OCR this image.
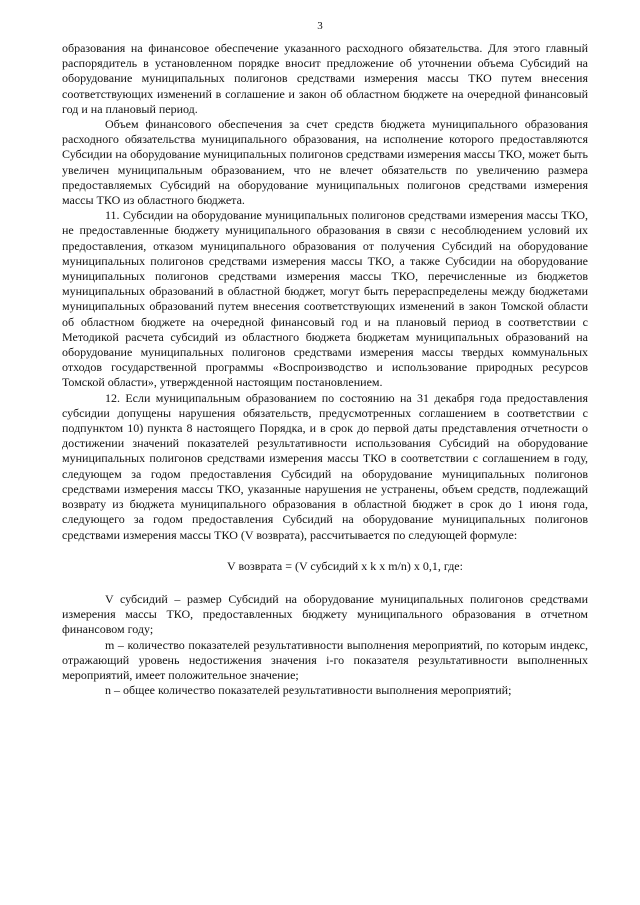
3

образования на финансовое обеспечение указанного расходного обязательства. Для этого главный распорядитель в установленном порядке вносит предложение об уточнении объема Субсидий на оборудование муниципальных полигонов средствами измерения массы ТКО путем внесения соответствующих изменений в соглашение и закон об областном бюджете на очередной финансовый год и на плановый период.

Объем финансового обеспечения за счет средств бюджета муниципального образования расходного обязательства муниципального образования, на исполнение которого предоставляются Субсидии на оборудование муниципальных полигонов средствами измерения массы ТКО, может быть увеличен муниципальным образованием, что не влечет обязательств по увеличению размера предоставляемых Субсидий на оборудование муниципальных полигонов средствами измерения массы ТКО из областного бюджета.

11. Субсидии на оборудование муниципальных полигонов средствами измерения массы ТКО, не предоставленные бюджету муниципального образования в связи с несоблюдением условий их предоставления, отказом муниципального образования от получения Субсидий на оборудование муниципальных полигонов средствами измерения массы ТКО, а также Субсидии на оборудование муниципальных полигонов средствами измерения массы ТКО, перечисленные из бюджетов муниципальных образований в областной бюджет, могут быть перераспределены между бюджетами муниципальных образований путем внесения соответствующих изменений в закон Томской области об областном бюджете на очередной финансовый год и на плановый период в соответствии с Методикой расчета субсидий из областного бюджета бюджетам муниципальных образований на оборудование муниципальных полигонов средствами измерения массы твердых коммунальных отходов государственной программы «Воспроизводство и использование природных ресурсов Томской области», утвержденной настоящим постановлением.

12. Если муниципальным образованием по состоянию на 31 декабря года предоставления субсидии допущены нарушения обязательств, предусмотренных соглашением в соответствии с подпунктом 10) пункта 8 настоящего Порядка, и в срок до первой даты представления отчетности о достижении значений показателей результативности использования Субсидий на оборудование муниципальных полигонов средствами измерения массы ТКО в соответствии с соглашением в году, следующем за годом предоставления Субсидий на оборудование муниципальных полигонов средствами измерения массы ТКО, указанные нарушения не устранены, объем средств, подлежащий возврату из бюджета муниципального образования в областной бюджет в срок до 1 июня года, следующего за годом предоставления Субсидий на оборудование муниципальных полигонов средствами измерения массы ТКО (V возврата), рассчитывается по следующей формуле:

V возврата = (V субсидий x k x m/n) x 0,1, где:

V субсидий – размер Субсидий на оборудование муниципальных полигонов средствами измерения массы ТКО, предоставленных бюджету муниципального образования в отчетном финансовом году;

m – количество показателей результативности выполнения мероприятий, по которым индекс, отражающий уровень недостижения значения i-го показателя результативности выполненных мероприятий, имеет положительное значение;

n – общее количество показателей результативности выполнения мероприятий;
